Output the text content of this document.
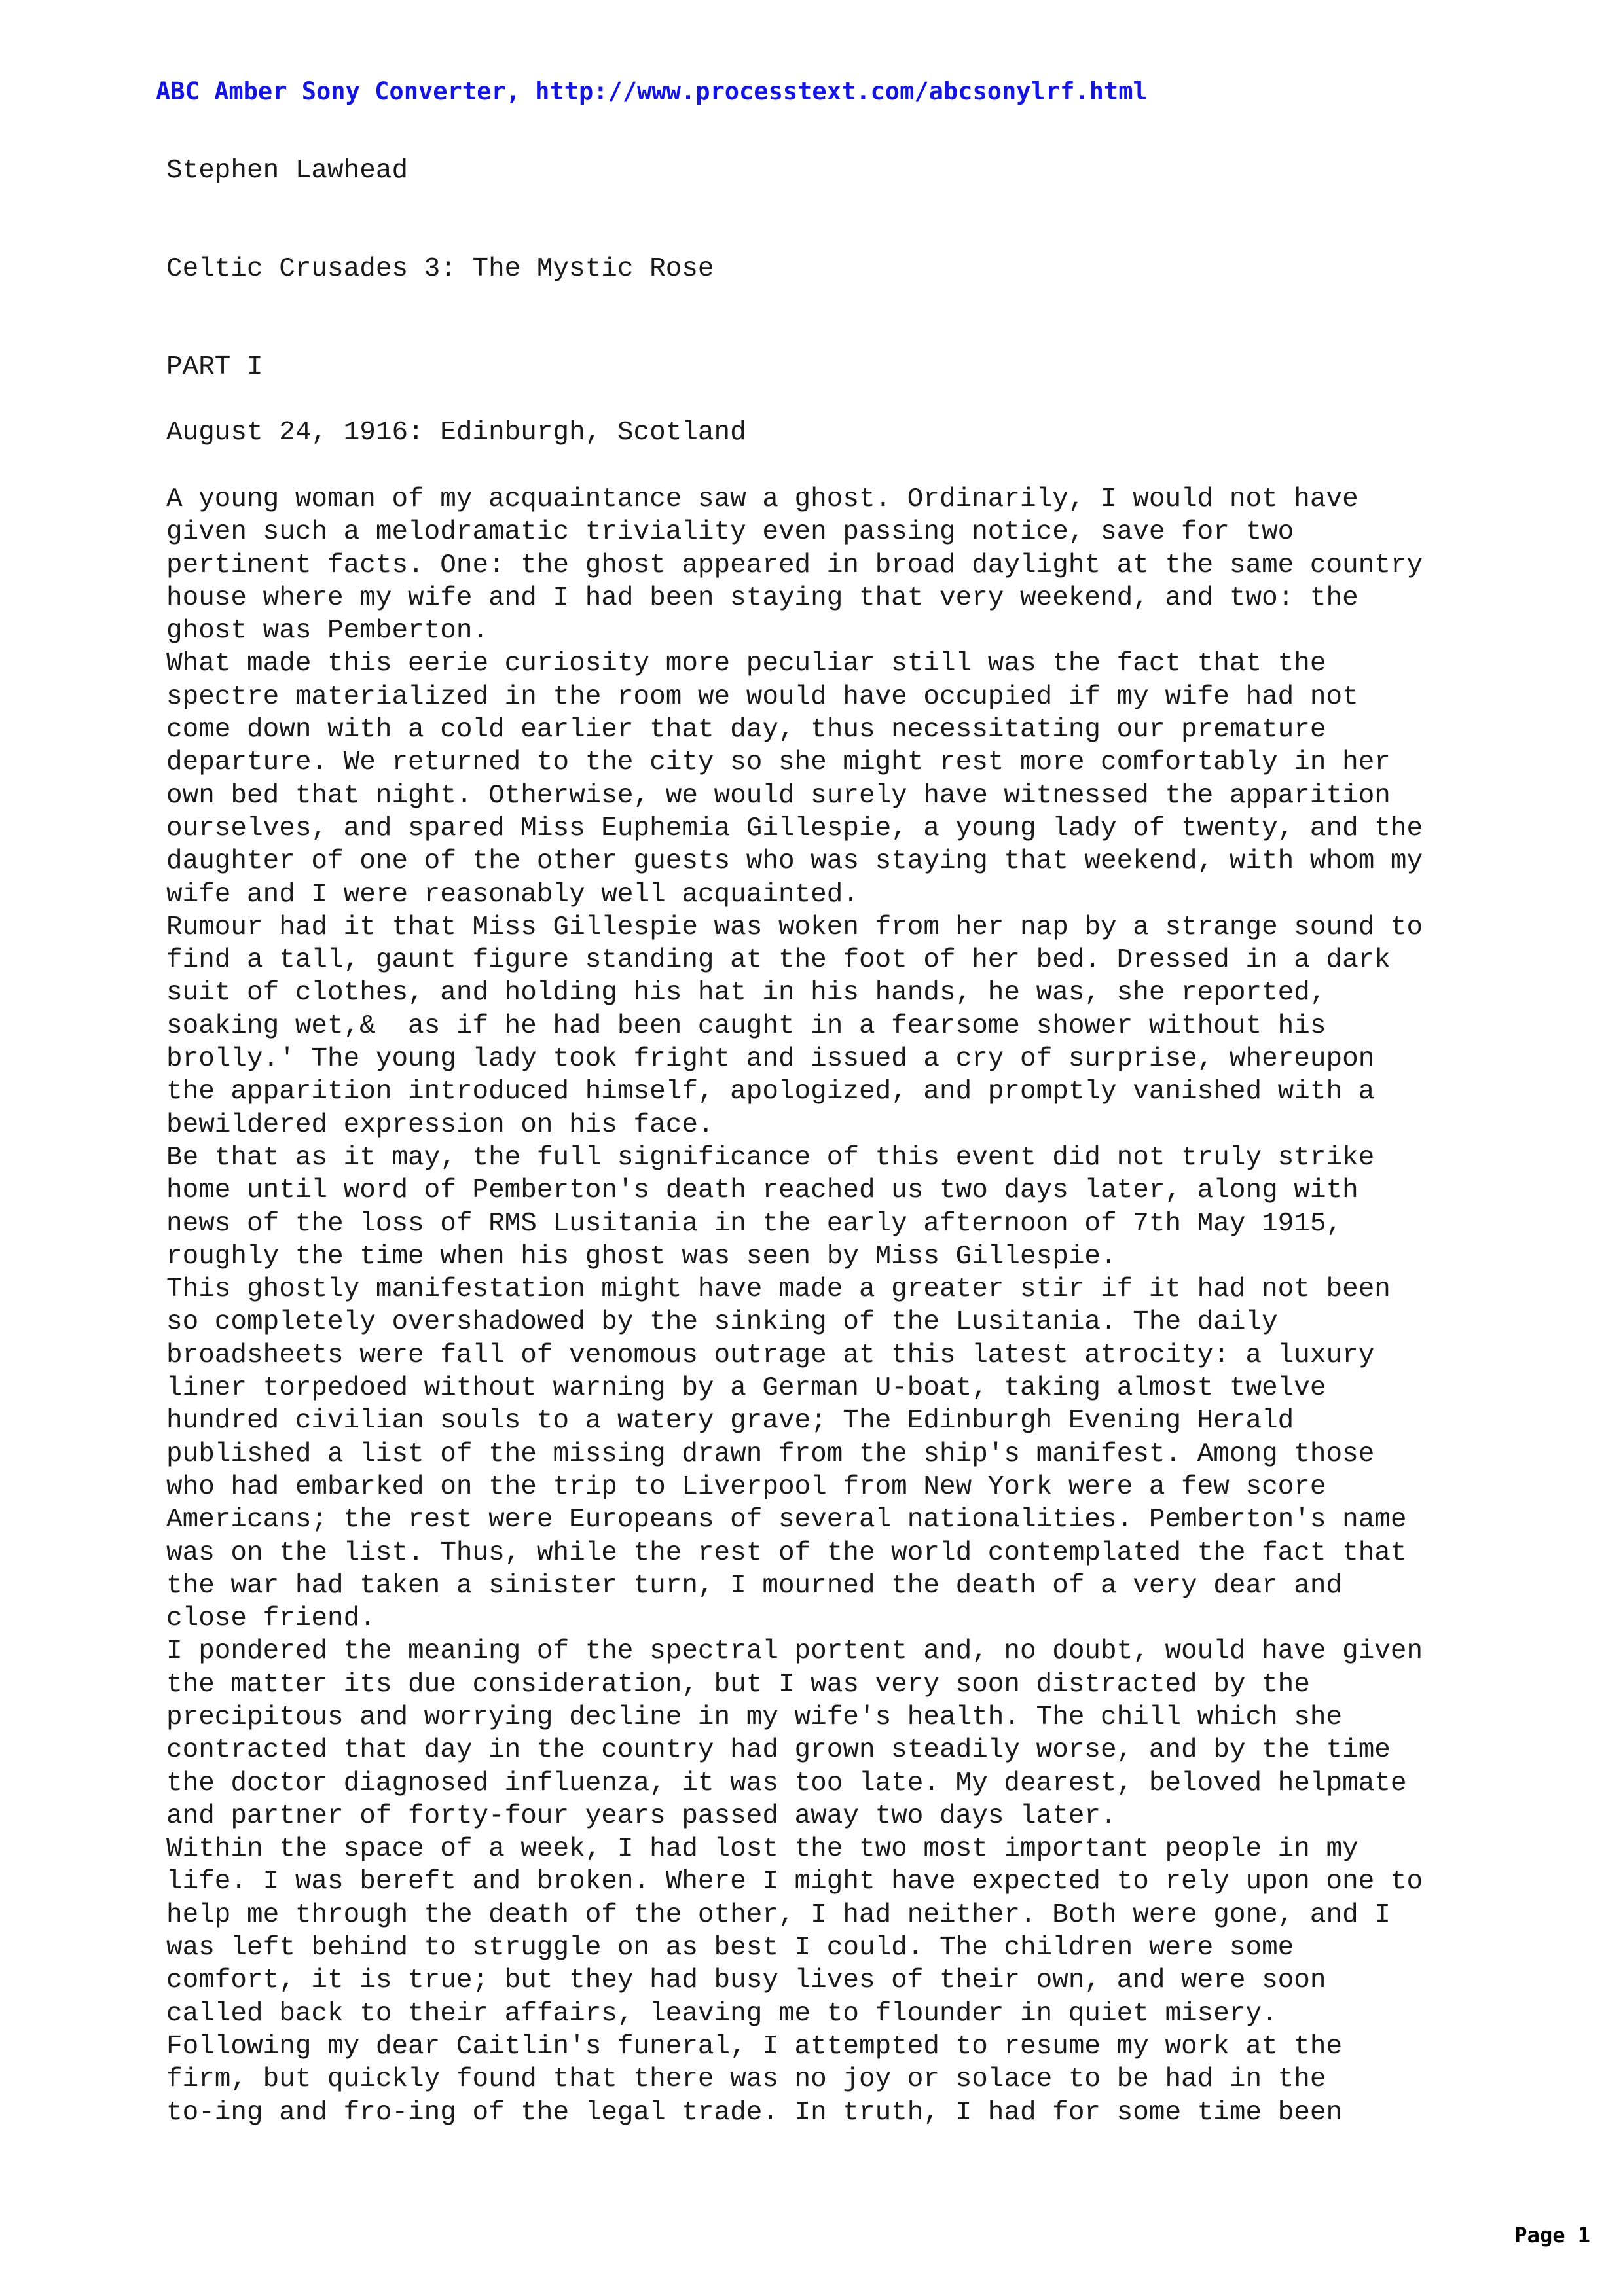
ABC Amber Sony Converter, http://www.processtext.com/abcsonylrf.html
Stephen Lawhead
Celtic Crusades 3: The Mystic Rose
PART I
August 24, 1916: Edinburgh, Scotland
A young woman of my acquaintance saw a ghost. Ordinarily, I would not have
given such a melodramatic triviality even passing notice, save for two
pertinent facts. One: the ghost appeared in broad daylight at the same country
house where my wife and I had been staying that very weekend, and two: the
ghost was Pemberton.
What made this eerie curiosity more peculiar still was the fact that the
spectre materialized in the room we would have occupied if my wife had not
come down with a cold earlier that day, thus necessitating our premature
departure. We returned to the city so she might rest more comfortably in her
own bed that night. Otherwise, we would surely have witnessed the apparition
ourselves, and spared Miss Euphemia Gillespie, a young lady of twenty, and the
daughter of one of the other guests who was staying that weekend, with whom my
wife and I were reasonably well acquainted.
Rumour had it that Miss Gillespie was woken from her nap by a strange sound to
find a tall, gaunt figure standing at the foot of her bed. Dressed in a dark
suit of clothes, and holding his hat in his hands, he was, she reported,
soaking wet,&  as if he had been caught in a fearsome shower without his
brolly.' The young lady took fright and issued a cry of surprise, whereupon
the apparition introduced himself, apologized, and promptly vanished with a
bewildered expression on his face.
Be that as it may, the full significance of this event did not truly strike
home until word of Pemberton's death reached us two days later, along with
news of the loss of RMS Lusitania in the early afternoon of 7th May 1915,
roughly the time when his ghost was seen by Miss Gillespie.
This ghostly manifestation might have made a greater stir if it had not been
so completely overshadowed by the sinking of the Lusitania. The daily
broadsheets were fall of venomous outrage at this latest atrocity: a luxury
liner torpedoed without warning by a German U-boat, taking almost twelve
hundred civilian souls to a watery grave; The Edinburgh Evening Herald
published a list of the missing drawn from the ship's manifest. Among those
who had embarked on the trip to Liverpool from New York were a few score
Americans; the rest were Europeans of several nationalities. Pemberton's name
was on the list. Thus, while the rest of the world contemplated the fact that
the war had taken a sinister turn, I mourned the death of a very dear and
close friend.
I pondered the meaning of the spectral portent and, no doubt, would have given
the matter its due consideration, but I was very soon distracted by the
precipitous and worrying decline in my wife's health. The chill which she
contracted that day in the country had grown steadily worse, and by the time
the doctor diagnosed influenza, it was too late. My dearest, beloved helpmate
and partner of forty-four years passed away two days later.
Within the space of a week, I had lost the two most important people in my
life. I was bereft and broken. Where I might have expected to rely upon one to
help me through the death of the other, I had neither. Both were gone, and I
was left behind to struggle on as best I could. The children were some
comfort, it is true; but they had busy lives of their own, and were soon
called back to their affairs, leaving me to flounder in quiet misery.
Following my dear Caitlin's funeral, I attempted to resume my work at the
firm, but quickly found that there was no joy or solace to be had in the
to-ing and fro-ing of the legal trade. In truth, I had for some time been
Page 1
